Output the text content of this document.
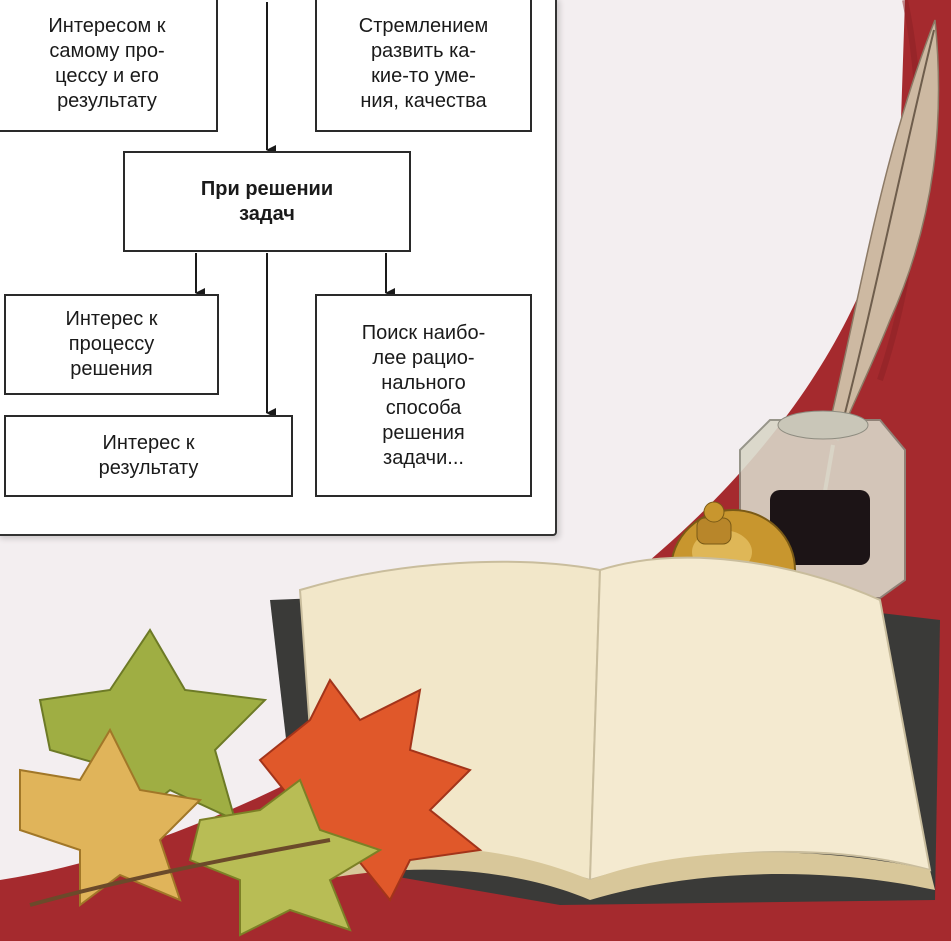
Интересом к
самому про-
цессу и его
результату
Стремлением
развить ка-
кие-то уме-
ния, качества
При решении
задач
Интерес к
процессу
решения
Поиск наибо-
лее рацио-
нального
способа
решения
задачи...
Интерес к
результату
